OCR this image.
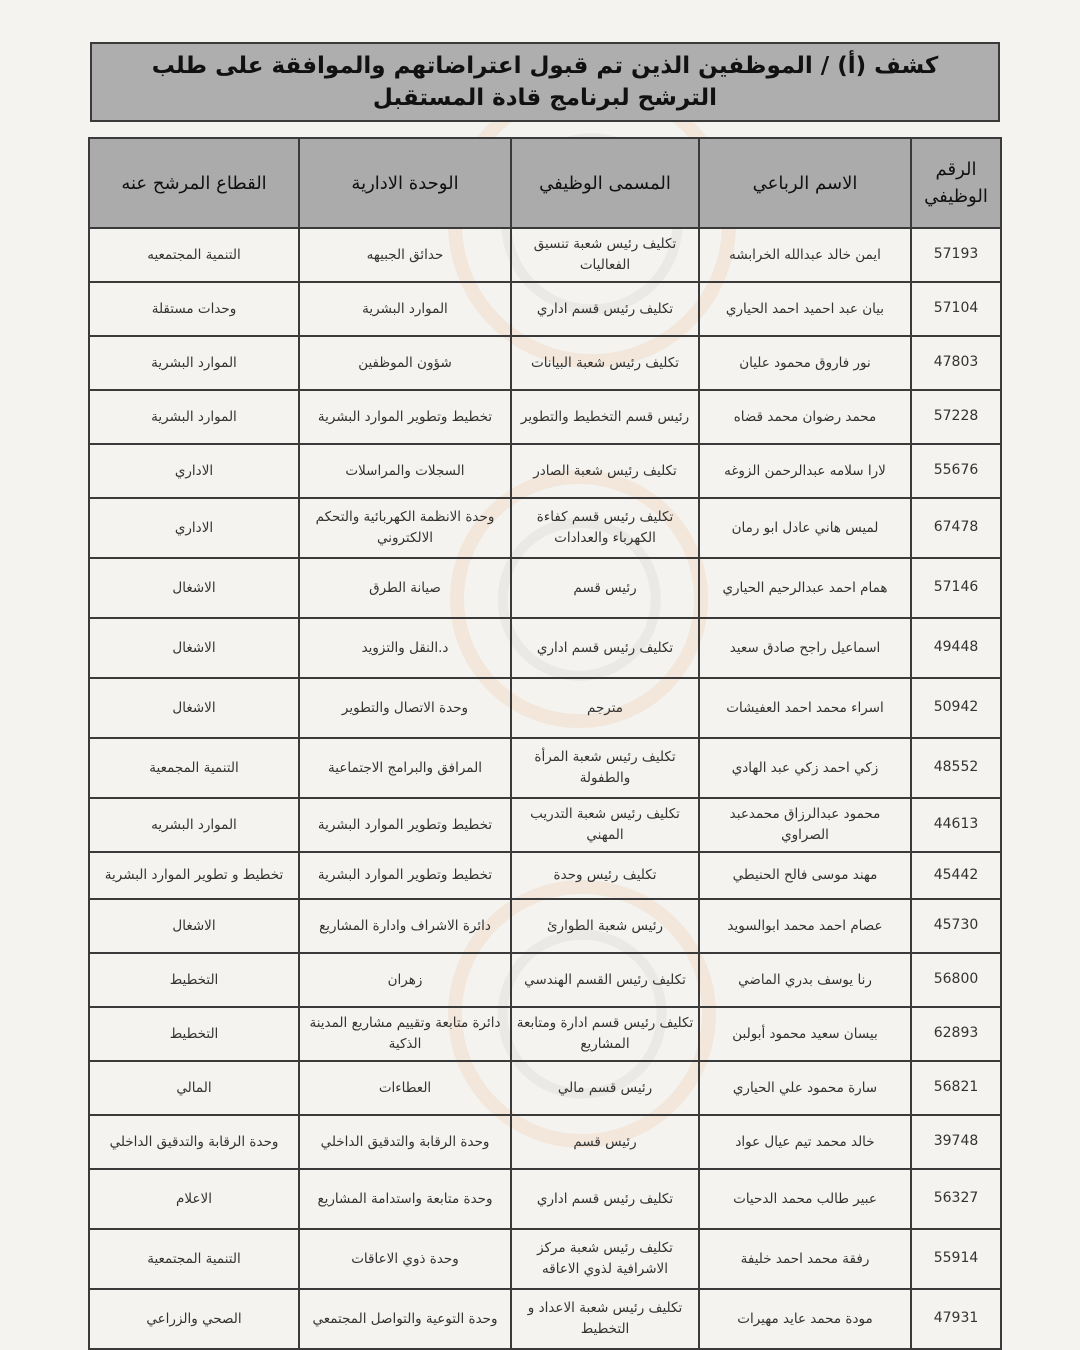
كشف (أ) / الموظفين الذين تم قبول اعتراضاتهم والموافقة على طلب الترشح لبرنامج قادة المستقبل
الرقم الوظيفي	الاسم الرباعي	المسمى الوظيفي	الوحدة الادارية	القطاع المرشح عنه
57193	ايمن خالد عبدالله الخرابشه	تكليف رئيس شعبة تنسيق الفعاليات	حدائق الجبيهه	التنمية المجتمعيه
57104	بيان عبد احميد احمد الحياري	تكليف رئيس قسم اداري	الموارد البشرية	وحدات مستقلة
47803	نور فاروق محمود عليان	تكليف رئيس شعبة البيانات	شؤون الموظفين	الموارد البشرية
57228	محمد رضوان محمد قضاه	رئيس قسم التخطيط والتطوير	تخطيط وتطوير الموارد البشرية	الموارد البشرية
55676	لارا سلامه عبدالرحمن الزوغه	تكليف رئيس شعبة الصادر	السجلات والمراسلات	الاداري
67478	لميس هاني عادل ابو رمان	تكليف رئيس قسم كفاءة الكهرباء والعدادات	وحدة الانظمة الكهربائية والتحكم الالكتروني	الاداري
57146	همام احمد عبدالرحيم الحياري	رئيس قسم	صيانة الطرق	الاشغال
49448	اسماعيل راجح صادق سعيد	تكليف رئيس قسم اداري	د.النقل والتزويد	الاشغال
50942	اسراء محمد احمد العفيشات	مترجم	وحدة الاتصال والتطوير	الاشغال
48552	زكي احمد زكي عبد الهادي	تكليف رئيس شعبة المرأة والطفولة	المرافق والبرامج الاجتماعية	التنمية المجمعية
44613	محمود عبدالرزاق محمدعبد الصراوي	تكليف رئيس شعبة التدريب المهني	تخطيط وتطوير الموارد البشرية	الموارد البشريه
45442	مهند موسى فالح الحنيطي	تكليف رئيس وحدة	تخطيط وتطوير الموارد البشرية	تخطيط و تطوير الموارد البشرية
45730	عصام احمد محمد ابوالسويد	رئيس شعبة الطوارئ	دائرة الاشراف وادارة المشاريع	الاشغال
56800	رنا يوسف بدري الماضي	تكليف رئيس القسم الهندسي	زهران	التخطيط
62893	بيسان سعيد محمود أبولبن	تكليف رئيس قسم ادارة ومتابعة المشاريع	دائرة متابعة وتقييم مشاريع المدينة الذكية	التخطيط
56821	سارة محمود علي الحياري	رئيس قسم مالي	العطاءات	المالي
39748	خالد محمد تيم عيال عواد	رئيس قسم	وحدة الرقابة والتدقيق الداخلي	وحدة الرقابة والتدقيق الداخلي
56327	عبير طالب محمد الدحيات	تكليف رئيس قسم اداري	وحدة متابعة واستدامة المشاريع	الاعلام
55914	رفقة محمد احمد خليفة	تكليف رئيس شعبة مركز الاشرافية لذوي الاعاقه	وحدة ذوي الاعاقات	التنمية المجتمعية
47931	مودة محمد عايد مهيرات	تكليف رئيس شعبة الاعداد و التخطيط	وحدة التوعية والتواصل المجتمعي	الصحي والزراعي
